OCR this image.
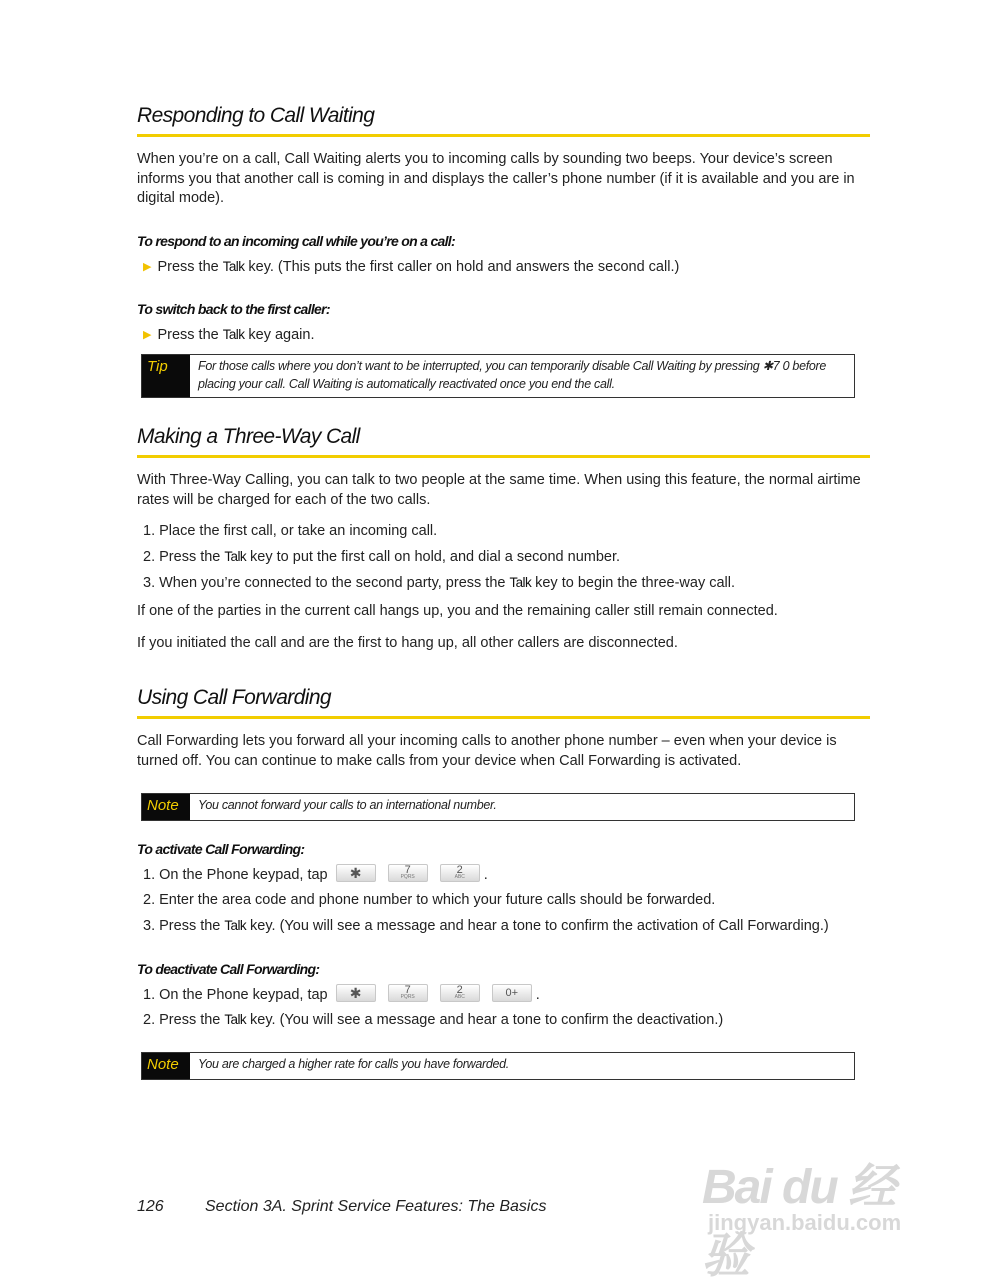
Responding to Call Waiting

When you’re on a call, Call Waiting alerts you to incoming calls by sounding two beeps. Your device’s screen informs you that another call is coming in and displays the caller’s phone number (if it is available and you are in digital mode).

To respond to an incoming call while you’re on a call:
▶ Press the Talk key. (This puts the first caller on hold and answers the second call.)
To switch back to the first caller:
▶ Press the Talk key again.
Tip	For those calls where you don’t want to be interrupted, you can temporarily disable Call Waiting by pressing ✱7 0 before placing your call. Call Waiting is automatically reactivated once you end the call.
Making a Three-Way Call

With Three-Way Calling, you can talk to two people at the same time. When using this feature, the normal airtime rates will be charged for each of the two calls.

1. Place the first call, or take an incoming call.
2. Press the Talk key to put the first call on hold, and dial a second number.
3. When you’re connected to the second party, press the Talk key to begin the three-way call.

If one of the parties in the current call hangs up, you and the remaining caller still remain connected.

If you initiated the call and are the first to hang up, all other callers are disconnected.

Using Call Forwarding

Call Forwarding lets you forward all your incoming calls to another phone number – even when your device is turned off. You can continue to make calls from your device when Call Forwarding is activated.

Note	You cannot forward your calls to an international number.
To activate Call Forwarding:
1. On the Phone keypad, tap ✱	7
PQRS
2
ABC	.
2. Enter the area code and phone number to which your future calls should be forwarded.
3. Press the Talk key. (You will see a message and hear a tone to confirm the activation of Call Forwarding.)
To deactivate Call Forwarding:
1. On the Phone keypad, tap ✱	7
PQRS
2
ABC	0+ .
2. Press the Talk key. (You will see a message and hear a tone to confirm the deactivation.)
Note	You are charged a higher rate for calls you have forwarded.
126	Section 3A. Sprint Service Features: The Basics	Bai du 经验
jingyan.baidu.com
